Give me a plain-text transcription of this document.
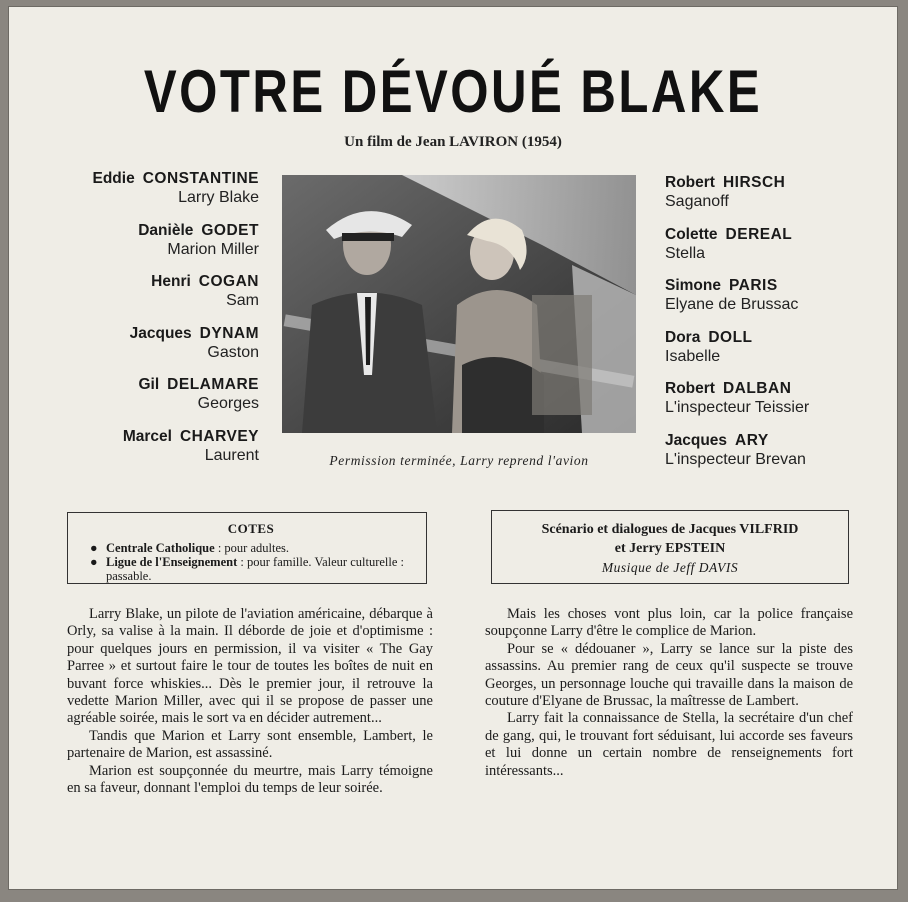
VOTRE DÉVOUÉ BLAKE
Un film de Jean LAVIRON (1954)
Eddie CONSTANTINE
Larry Blake
Danièle GODET
Marion Miller
Henri COGAN
Sam
Jacques DYNAM
Gaston
Gil DELAMARE
Georges
Marcel CHARVEY
Laurent	Permission terminée, Larry reprend l'avion
Robert HIRSCH
Saganoff
Colette DEREAL
Stella
Simone PARIS
Elyane de Brussac
Dora DOLL
Isabelle
Robert DALBAN
L'inspecteur Teissier
Jacques ARY
L'inspecteur Brevan
COTES
● Centrale Catholique : pour adultes.
● Ligue de l'Enseignement : pour famille. Valeur culturelle : passable.
Scénario et dialogues de Jacques VILFRID
et Jerry EPSTEIN
Musique de Jeff DAVIS

Larry Blake, un pilote de l'aviation américaine, débarque à Orly, sa valise à la main. Il déborde de joie et d'optimisme : pour quelques jours en permission, il va visiter « The Gay Parree » et surtout faire le tour de toutes les boîtes de nuit en buvant force whiskies... Dès le premier jour, il retrouve la vedette Marion Miller, avec qui il se propose de passer une agréable soirée, mais le sort va en décider autrement...

Tandis que Marion et Larry sont ensemble, Lambert, le partenaire de Marion, est assassiné.

Marion est soupçonnée du meurtre, mais Larry témoigne en sa faveur, donnant l'emploi du temps de leur soirée.

Mais les choses vont plus loin, car la police française soupçonne Larry d'être le complice de Marion.

Pour se « dédouaner », Larry se lance sur la piste des assassins. Au premier rang de ceux qu'il suspecte se trouve Georges, un personnage louche qui travaille dans la maison de couture d'Elyane de Brussac, la maîtresse de Lambert.

Larry fait la connaissance de Stella, la secrétaire d'un chef de gang, qui, le trouvant fort séduisant, lui accorde ses faveurs et lui donne un certain nombre de renseignements fort intéressants...
